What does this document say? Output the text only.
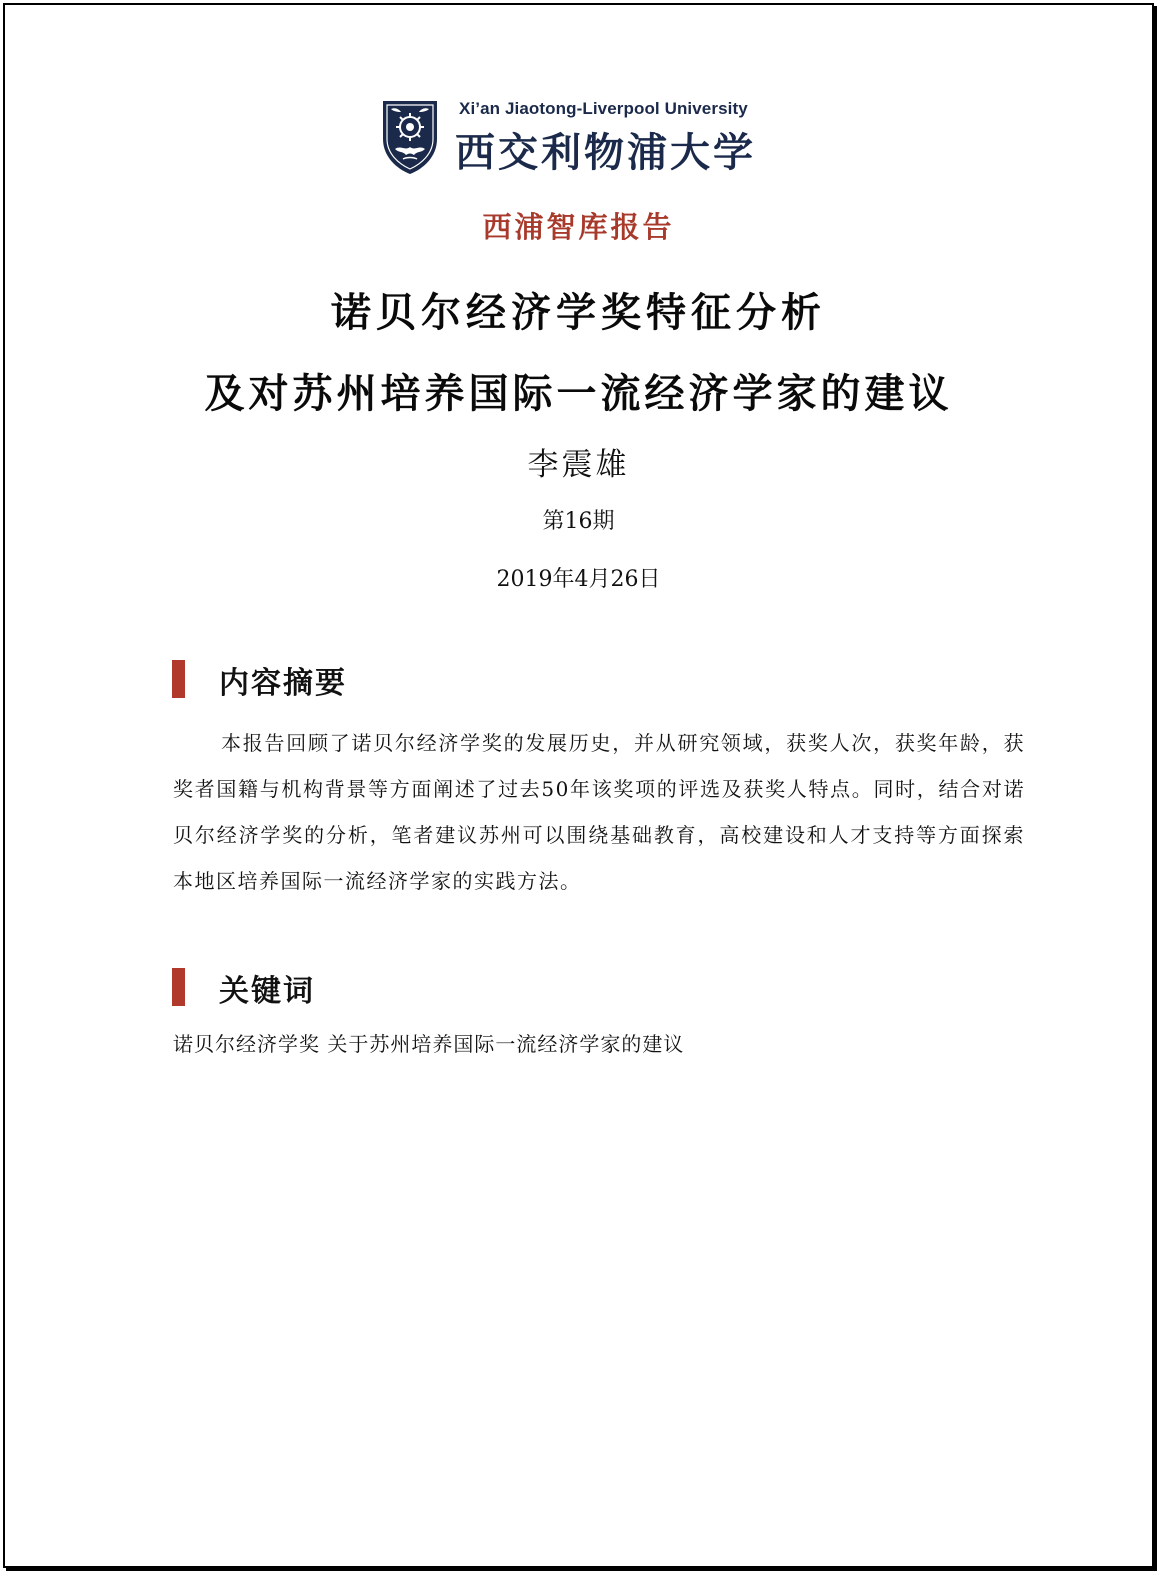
Xi’an Jiaotong-Liverpool University
西交利物浦大学
西浦智库报告
诺贝尔经济学奖特征分析
及对苏州培养国际一流经济学家的建议
李震雄
第16期
2019年4月26日
内容摘要

本报告回顾了诺贝尔经济学奖的发展历史，并从研究领域，获奖人次，获奖年龄，获奖者国籍与机构背景等方面阐述了过去50年该奖项的评选及获奖人特点。同时，结合对诺贝尔经济学奖的分析，笔者建议苏州可以围绕基础教育，高校建设和人才支持等方面探索本地区培养国际一流经济学家的实践方法。

关键词
诺贝尔经济学奖 关于苏州培养国际一流经济学家的建议
